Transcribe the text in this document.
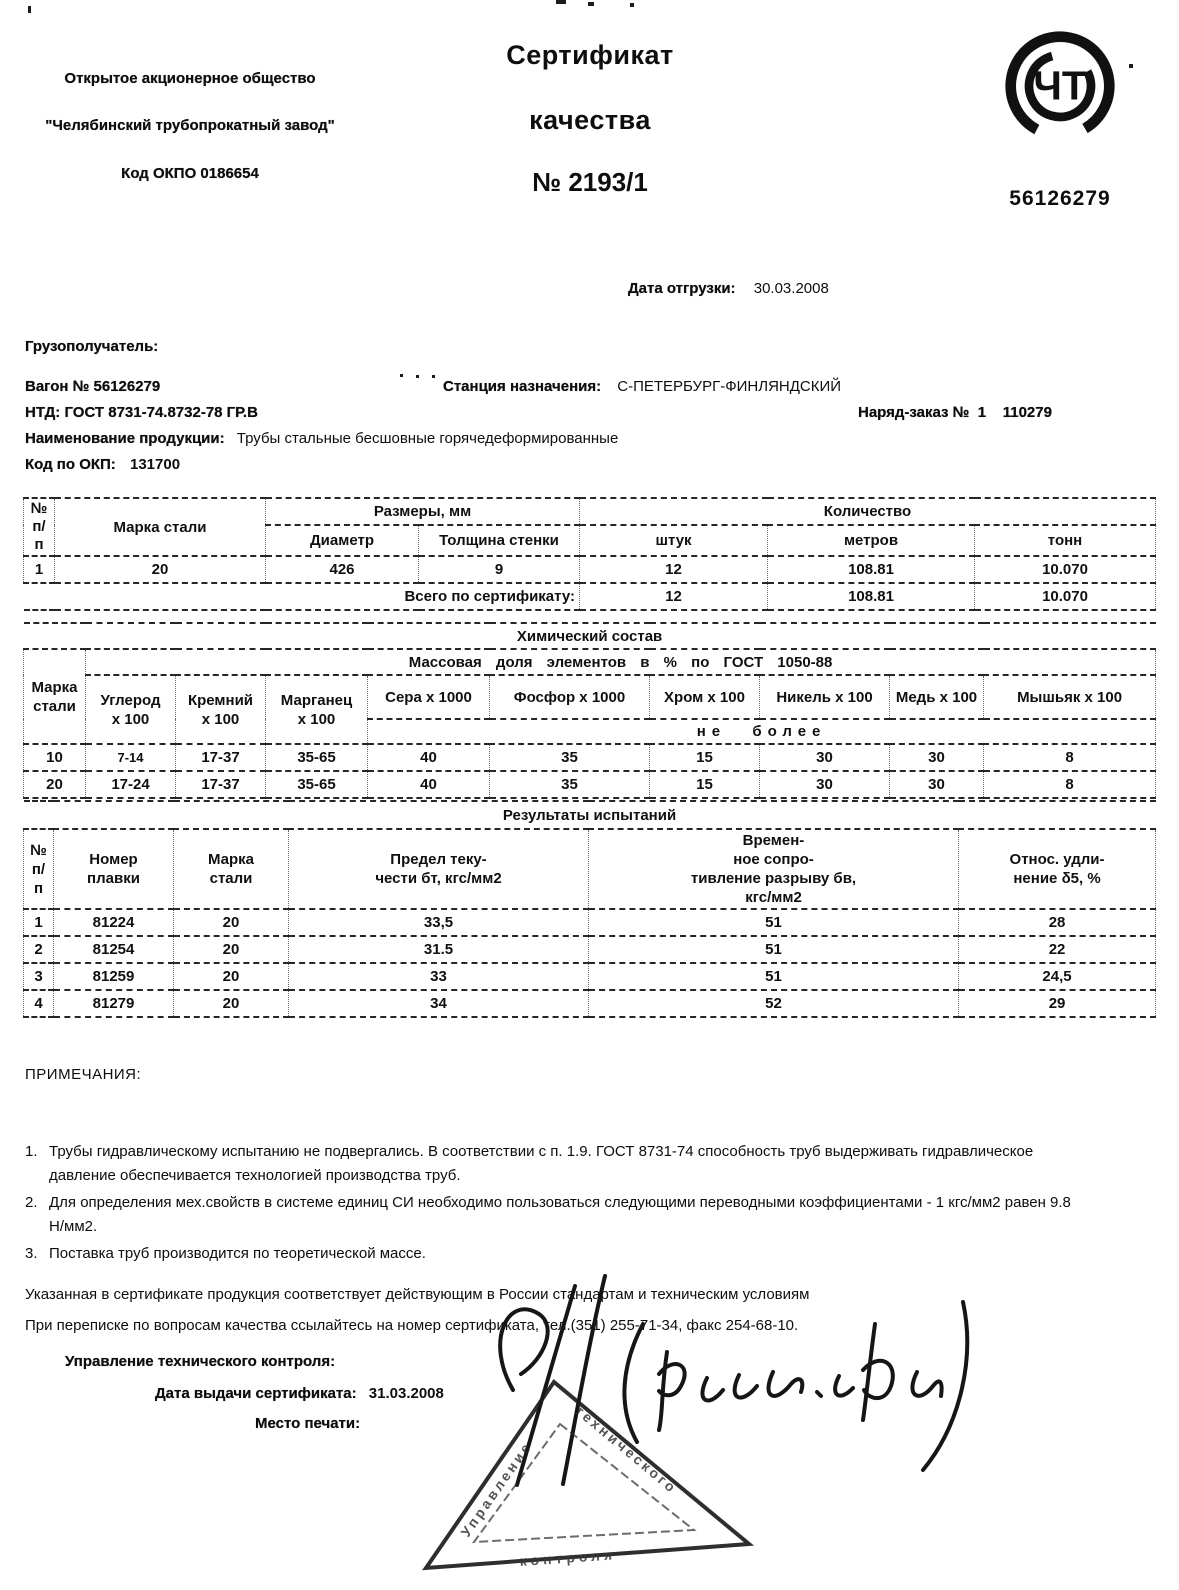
Открытое акционерное общество
"Челябинский трубопрокатный завод"
Код ОКПО 0186654
Сертификат
качества
№ 2193/1
ЧТ
56126279
Дата отгрузки: 30.03.2008
Грузополучатель:
Вагон № 56126279	Станция назначения: С-ПЕТЕРБУРГ-ФИНЛЯНДСКИЙ
НТД: ГОСТ 8731-74.8732-78 ГР.В	Наряд-заказ №  1    110279
Наименование продукции: Трубы стальные бесшовные горячедеформированные
Код по ОКП: 131700
№
п/п	Марка стали	Размеры, мм		Количество		
		Диаметр	Толщина стенки	штук	метров	тонн
1	20	426	9	12	108.81	10.070
Всего по сертификату:				12	108.81	10.070
Химический состав									

Марка
стали	Массовая доля элементов в % по ГОСТ 1050-88								

Углерод
х 100

Кремний
х 100

Марганец
х 100
	Сера х 1000	Фосфор х 1000	Хром х 100	Никель х 100	Медь х 100	Мышьяк х 100
				не более					
10	7-14	17-37	35-65	40	35	15	30	30	8
20	17-24	17-37	35-65	40	35	15	30	30	8
Результаты испытаний					

№
п/п

Номер
плавки

Марка
стали

Предел теку-
чести бт, кгс/мм2

Времен-
ное сопро-
тивление разрыву бв,
кгс/мм2

Относ. удли-
нение δ5, %

1	81224	20	33,5	51	28
2	81254	20	31.5	51	22
3	81259	20	33	51	24,5
4	81279	20	34	52	29
ПРИМЕЧАНИЯ:
1. Трубы гидравлическому испытанию не подвергались. В соответствии с п. 1.9. ГОСТ 8731-74 способность труб выдерживать гидравлическое давление обеспечивается технологией производства труб.
2. Для определения мех.свойств в системе единиц СИ необходимо пользоваться следующими переводными коэффициентами - 1 кгс/мм2 равен 9.8 Н/мм2.
3. Поставка труб производится по теоретической массе.
Указанная в сертификате продукция соответствует действующим в России стандартам и техническим условиям
При переписке по вопросам качества ссылайтесь на номер сертификата, тел.(351) 255-71-34, факс 254-68-10.
Управление технического контроля:
Дата выдачи сертификата: 31.03.2008
Место печати:
Управление	технического
контроля
